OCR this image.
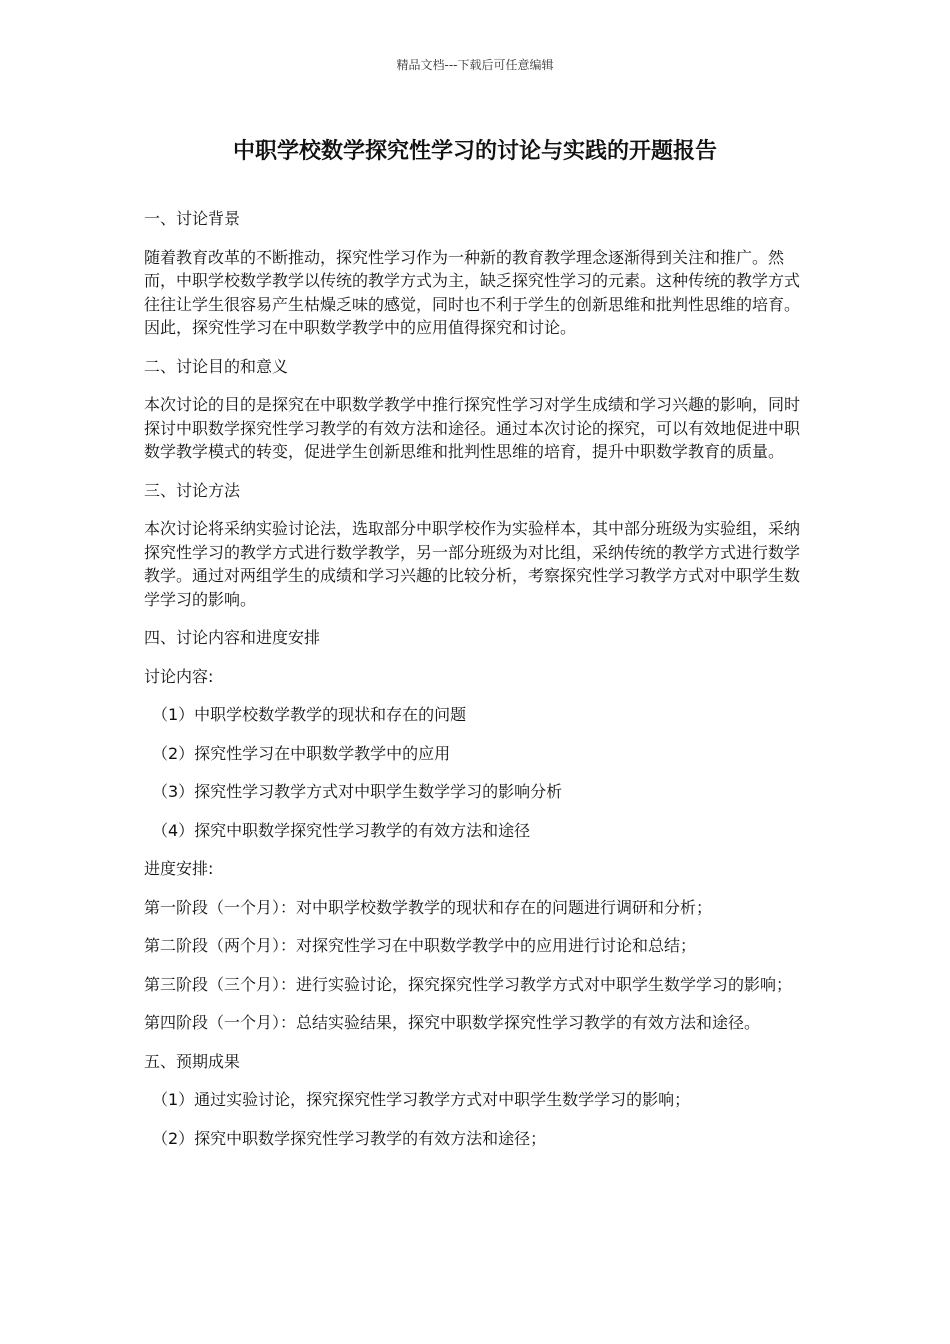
精品文档---下载后可任意编辑
中职学校数学探究性学习的讨论与实践的开题报告

一、讨论背景

随着教育改革的不断推动，探究性学习作为一种新的教育教学理念逐渐得到关注和推广。然而，中职学校数学教学以传统的教学方式为主，缺乏探究性学习的元素。这种传统的教学方式往往让学生很容易产生枯燥乏味的感觉，同时也不利于学生的创新思维和批判性思维的培育。因此，探究性学习在中职数学教学中的应用值得探究和讨论。

二、讨论目的和意义

本次讨论的目的是探究在中职数学教学中推行探究性学习对学生成绩和学习兴趣的影响，同时探讨中职数学探究性学习教学的有效方法和途径。通过本次讨论的探究，可以有效地促进中职数学教学模式的转变，促进学生创新思维和批判性思维的培育，提升中职数学教育的质量。

三、讨论方法

本次讨论将采纳实验讨论法，选取部分中职学校作为实验样本，其中部分班级为实验组，采纳探究性学习的教学方式进行数学教学，另一部分班级为对比组，采纳传统的教学方式进行数学教学。通过对两组学生的成绩和学习兴趣的比较分析，考察探究性学习教学方式对中职学生数学学习的影响。

四、讨论内容和进度安排

讨论内容:

（1）中职学校数学教学的现状和存在的问题

（2）探究性学习在中职数学教学中的应用

（3）探究性学习教学方式对中职学生数学学习的影响分析

（4）探究中职数学探究性学习教学的有效方法和途径

进度安排:

第一阶段（一个月）：对中职学校数学教学的现状和存在的问题进行调研和分析；

第二阶段（两个月）：对探究性学习在中职数学教学中的应用进行讨论和总结；

第三阶段（三个月）：进行实验讨论，探究探究性学习教学方式对中职学生数学学习的影响；

第四阶段（一个月）：总结实验结果，探究中职数学探究性学习教学的有效方法和途径。

五、预期成果

（1）通过实验讨论，探究探究性学习教学方式对中职学生数学学习的影响；

（2）探究中职数学探究性学习教学的有效方法和途径；
